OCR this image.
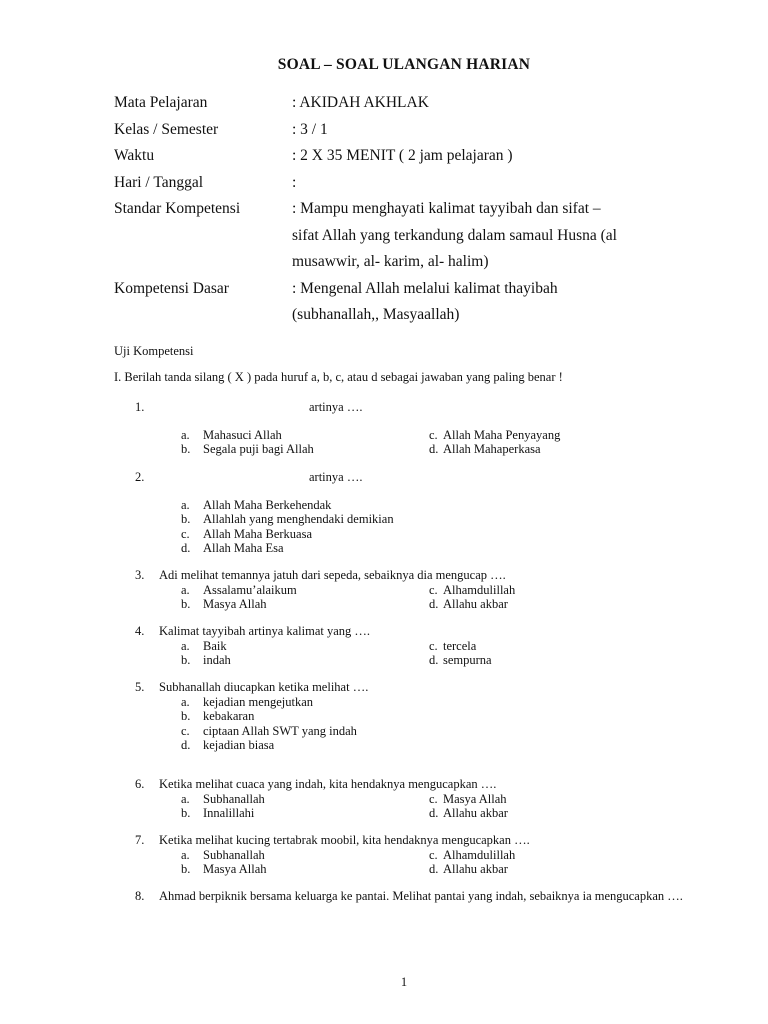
SOAL – SOAL ULANGAN HARIAN
Mata Pelajaran	: AKIDAH AKHLAK
Kelas / Semester	: 3 / 1
Waktu	: 2 X 35 MENIT ( 2 jam pelajaran )
Hari / Tanggal	:
Standar Kompetensi	: Mampu menghayati kalimat tayyibah dan sifat –
sifat Allah yang terkandung dalam samaul Husna (al
musawwir, al- karim, al- halim)
Kompetensi Dasar	: Mengenal Allah melalui kalimat thayibah
(subhanallah,, Masyaallah)
Uji Kompetensi
I. Berilah tanda silang ( X ) pada huruf a, b, c, atau d sebagai jawaban yang paling benar !
1.	artinya ….
a.	Mahasuci Allah	c. Allah Maha Penyayang
b.	Segala puji bagi Allah	d. Allah Mahaperkasa
2.	artinya ….
a.	Allah Maha Berkehendak
b.	Allahlah yang menghendaki demikian
c.	Allah Maha Berkuasa
d.	Allah Maha Esa
3.	Adi melihat temannya jatuh dari sepeda, sebaiknya dia mengucap ….
a.	Assalamu’alaikum	c. Alhamdulillah
b.	Masya Allah	d. Allahu akbar
4.	Kalimat tayyibah artinya kalimat yang ….
a.	Baik	c. tercela
b.	indah	d. sempurna
5.	Subhanallah diucapkan ketika melihat ….
a.	kejadian mengejutkan
b.	kebakaran
c.	ciptaan Allah SWT yang indah
d.	kejadian biasa
6.	Ketika melihat cuaca yang indah, kita hendaknya mengucapkan ….
a.	Subhanallah	c. Masya Allah
b.	Innalillahi	d. Allahu akbar
7.	Ketika melihat kucing tertabrak moobil, kita hendaknya mengucapkan ….
a.	Subhanallah	c. Alhamdulillah
b.	Masya Allah	d. Allahu akbar
8.	Ahmad berpiknik bersama keluarga ke pantai. Melihat pantai yang indah, sebaiknya ia mengucapkan ….
1
